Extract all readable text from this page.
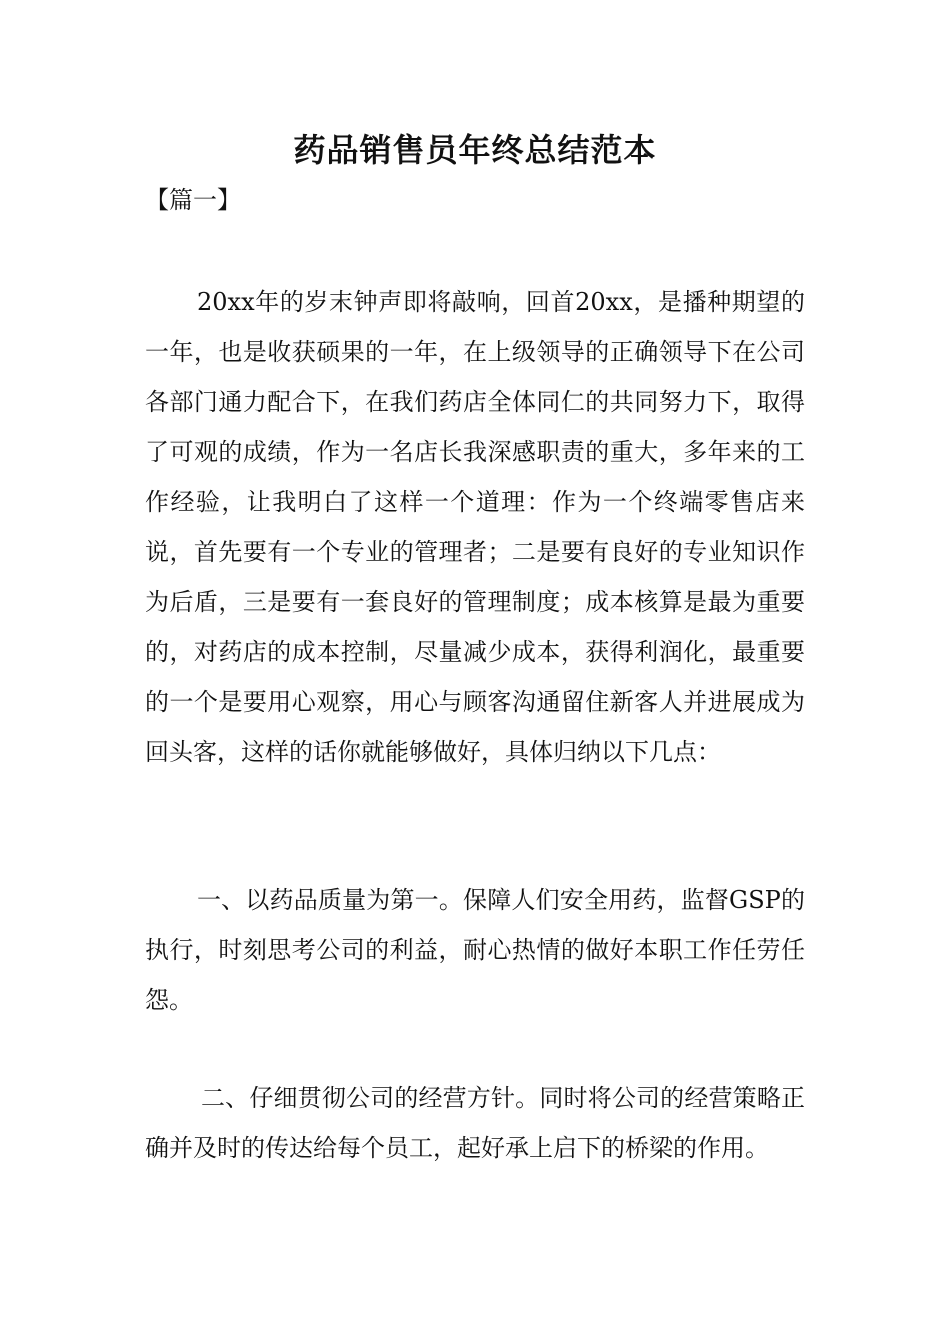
药品销售员年终总结范本

【篇一】

20xx年的岁末钟声即将敲响，回首20xx，是播种期望的一年，也是收获硕果的一年，在上级领导的正确领导下在公司各部门通力配合下，在我们药店全体同仁的共同努力下，取得了可观的成绩，作为一名店长我深感职责的重大，多年来的工作经验，让我明白了这样一个道理：作为一个终端零售店来说，首先要有一个专业的管理者；二是要有良好的专业知识作为后盾，三是要有一套良好的管理制度；成本核算是最为重要的，对药店的成本控制，尽量减少成本，获得利润化，最重要的一个是要用心观察，用心与顾客沟通留住新客人并进展成为回头客，这样的话你就能够做好，具体归纳以下几点：

一、以药品质量为第一。保障人们安全用药，监督GSP的执行，时刻思考公司的利益，耐心热情的做好本职工作任劳任怨。

二、仔细贯彻公司的经营方针。同时将公司的经营策略正确并及时的传达给每个员工，起好承上启下的桥梁的作用。
